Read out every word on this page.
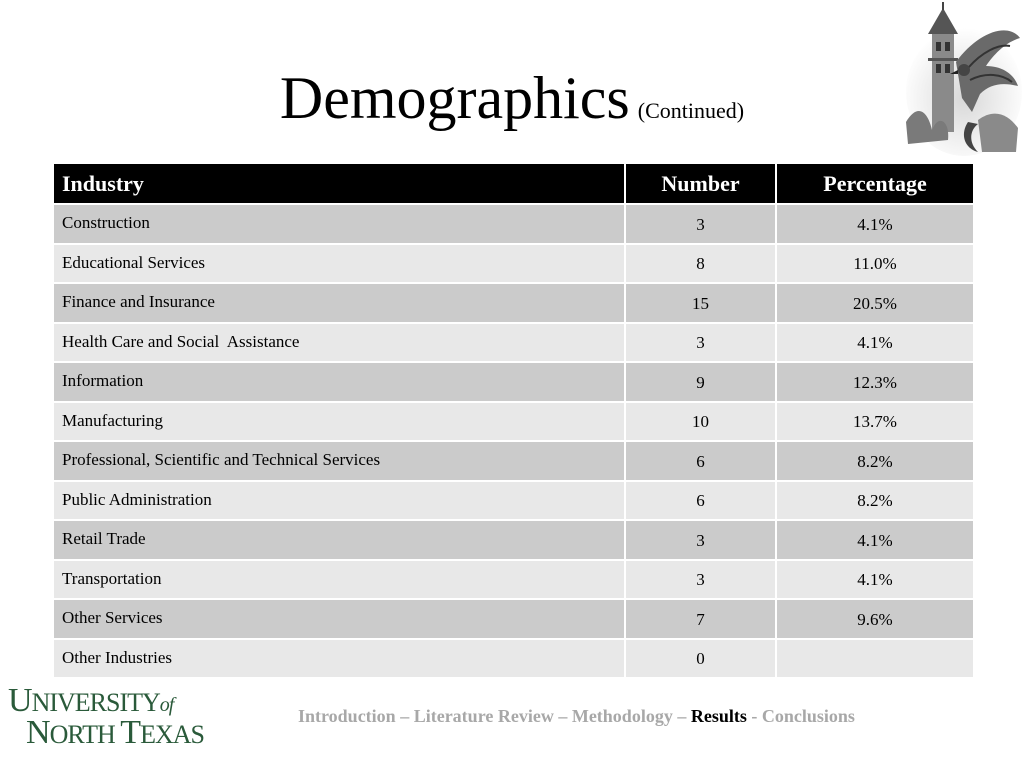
Demographics (Continued)
Industry	Number	Percentage
Construction	3	4.1%
Educational Services	8	11.0%
Finance and Insurance	15	20.5%
Health Care and Social  Assistance	3	4.1%
Information	9	12.3%
Manufacturing	10	13.7%
Professional, Scientific and Technical Services	6	8.2%
Public Administration	6	8.2%
Retail Trade	3	4.1%
Transportation	3	4.1%
Other Services	7	9.6%
Other Industries	0	
UNIVERSITYof
NORTH TEXAS
Introduction – Literature Review – Methodology – Results - Conclusions
